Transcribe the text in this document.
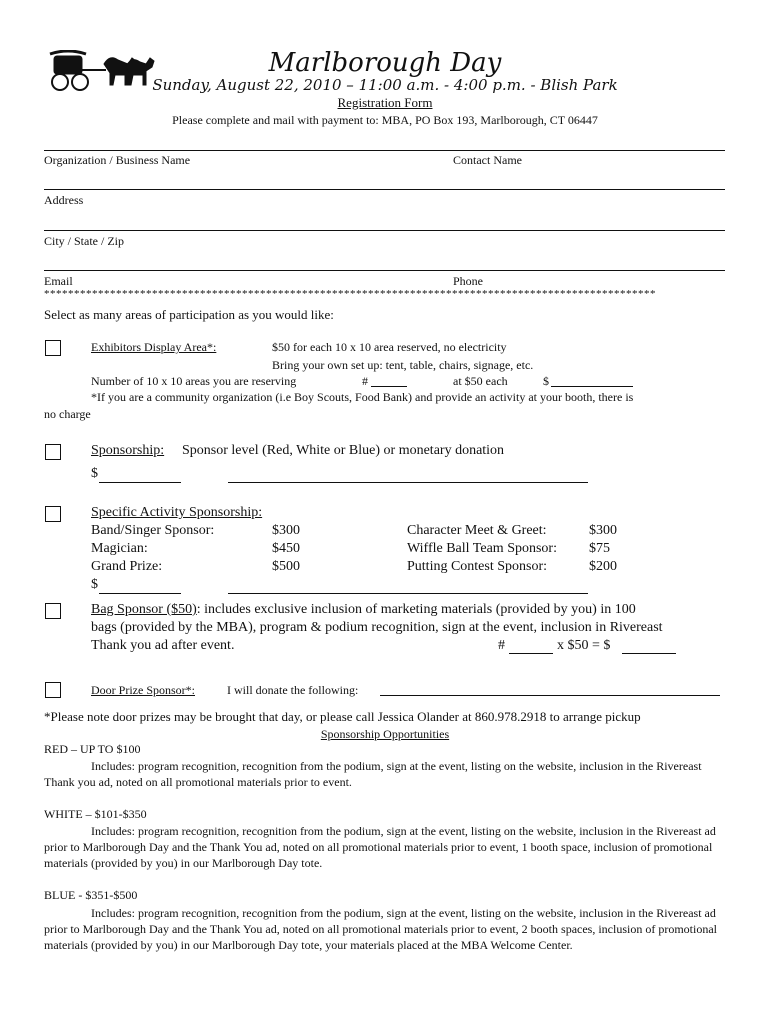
Marlborough Day
Sunday, August 22, 2010 – 11:00 a.m. - 4:00 p.m. - Blish Park
Registration Form
Please complete and mail with payment to: MBA, PO Box 193, Marlborough, CT 06447
Organization / Business Name	Contact Name
Address
City / State / Zip
Email	Phone
******************************************************************************************************
Select as many areas of participation as you would like:
Exhibitors Display Area*:	$50 for each 10 x 10 area reserved, no electricity
Bring your own set up: tent, table, chairs, signage, etc.
Number of 10 x 10 areas you are reserving	#	at $50 each	$
*If you are a community organization (i.e Boy Scouts, Food Bank) and provide an activity at your booth, there is
no charge
Sponsorship: Sponsor level (Red, White or Blue) or monetary donation
$
Specific Activity Sponsorship:
Band/Singer Sponsor:	$300	Character Meet & Greet:	$300
Magician:	$450	Wiffle Ball Team Sponsor: $75
Grand Prize:	$500	Putting Contest Sponsor:	$200
$
Bag Sponsor ($50): includes exclusive inclusion of marketing materials (provided by you) in 100
bags (provided by the MBA), program & podium recognition, sign at the event, inclusion in Rivereast
Thank you ad after event.	#	x $50 = $
Door Prize Sponsor*:	I will donate the following:
*Please note door prizes may be brought that day, or please call Jessica Olander at 860.978.2918 to arrange pickup
Sponsorship Opportunities
RED – UP TO $100
Includes: program recognition, recognition from the podium, sign at the event, listing on the website, inclusion in the Rivereast Thank you ad, noted on all promotional materials prior to event.
WHITE – $101-$350
Includes: program recognition, recognition from the podium, sign at the event, listing on the website, inclusion in the Rivereast ad prior to Marlborough Day and the Thank You ad, noted on all promotional materials prior to event, 1 booth space, inclusion of promotional materials (provided by you) in our Marlborough Day tote.
BLUE - $351-$500
Includes: program recognition, recognition from the podium, sign at the event, listing on the website, inclusion in the Rivereast ad prior to Marlborough Day and the Thank You ad, noted on all promotional materials prior to event, 2 booth spaces, inclusion of promotional materials (provided by you) in our Marlborough Day tote, your materials placed at the MBA Welcome Center.
